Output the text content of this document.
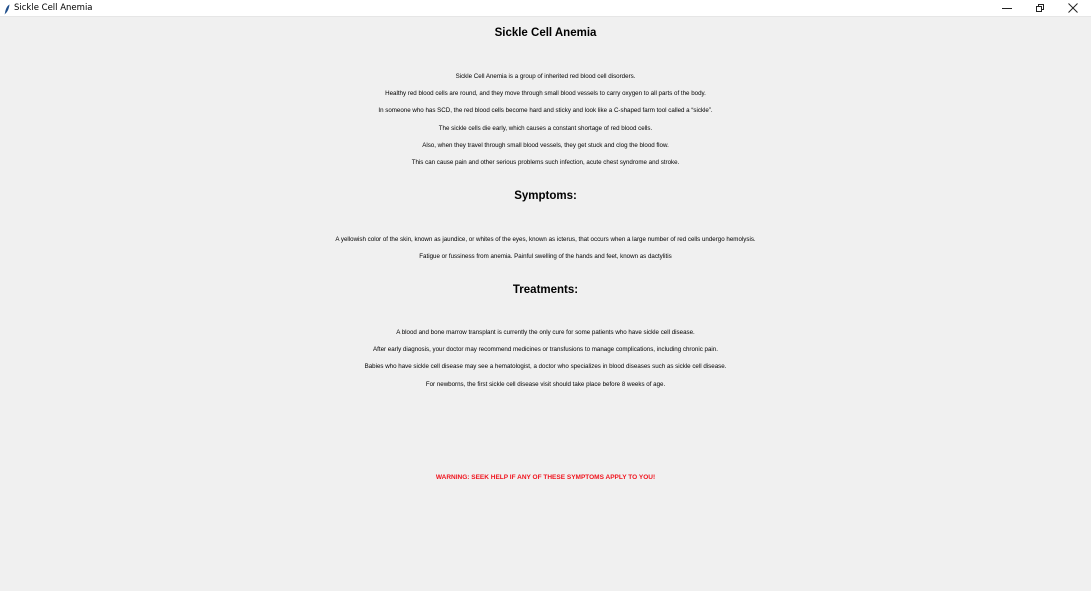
Sickle Cell Anemia
Sickle Cell Anemia
Sickle Cell Anemia is a group of inherited red blood cell disorders.
Healthy red blood cells are round, and they move through small blood vessels to carry oxygen to all parts of the body.
In someone who has SCD, the red blood cells become hard and sticky and look like a C-shaped farm tool called a “sickle”.
The sickle cells die early, which causes a constant shortage of red blood cells.
Also, when they travel through small blood vessels, they get stuck and clog the blood flow.
This can cause pain and other serious problems such infection, acute chest syndrome and stroke.
Symptoms:
A yellowish color of the skin, known as jaundice, or whites of the eyes, known as icterus, that occurs when a large number of red cells undergo hemolysis.
Fatigue or fussiness from anemia. Painful swelling of the hands and feet, known as dactylitis
Treatments:
A blood and bone marrow transplant is currently the only cure for some patients who have sickle cell disease.
After early diagnosis, your doctor may recommend medicines or transfusions to manage complications, including chronic pain.
Babies who have sickle cell disease may see a hematologist, a doctor who specializes in blood diseases such as sickle cell disease.
For newborns, the first sickle cell disease visit should take place before 8 weeks of age.
WARNING: SEEK HELP IF ANY OF THESE SYMPTOMS APPLY TO YOU!
